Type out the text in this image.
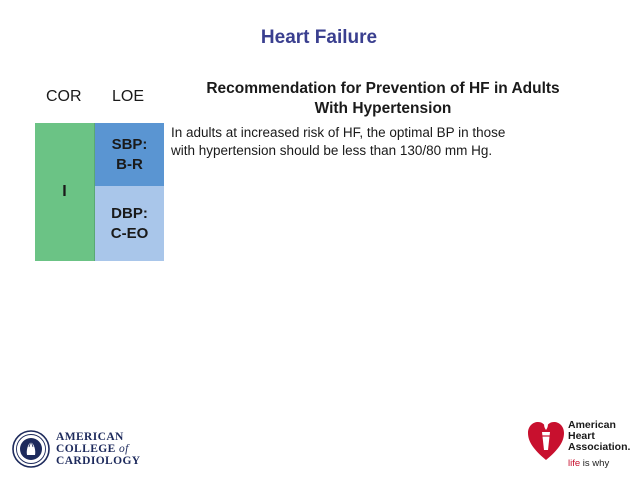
Heart Failure
COR LOE	Recommendation for Prevention of HF in Adults
With Hypertension
I
SBP:
B-R
DBP:
C-EO
In adults at increased risk of HF, the optimal BP in those
with hypertension should be less than 130/80 mm Hg.
AMERICAN
COLLEGE of
CARDIOLOGY
American
Heart
Association.
life is why
